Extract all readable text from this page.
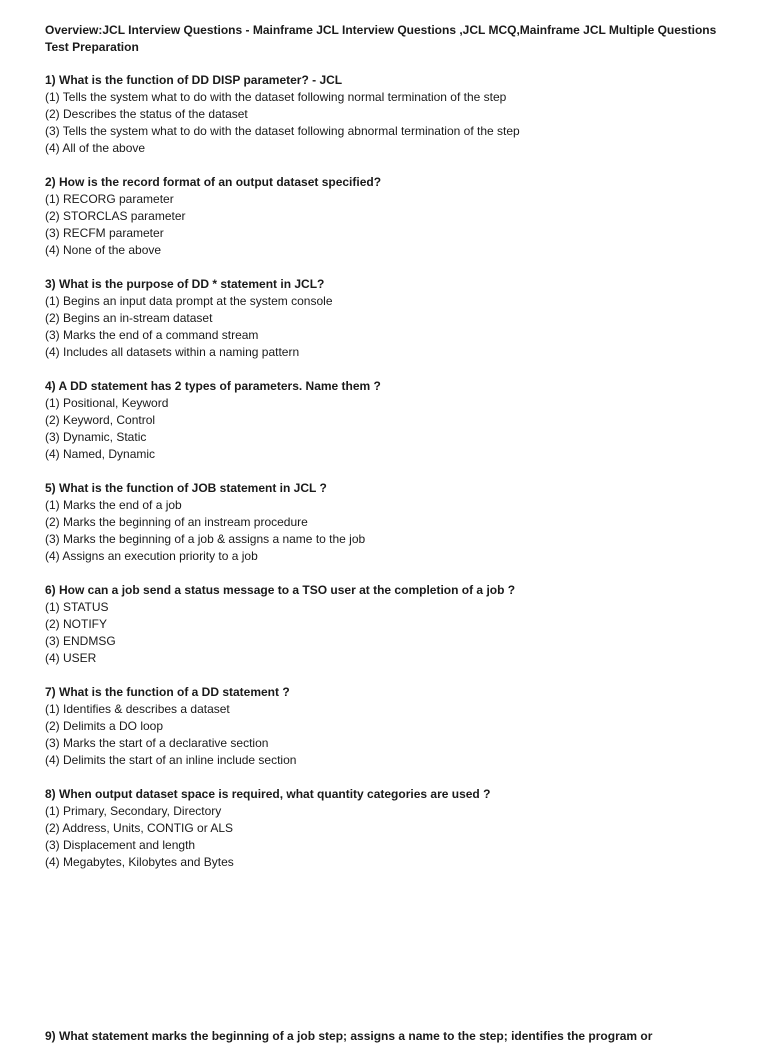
Overview:JCL Interview Questions - Mainframe JCL Interview Questions ,JCL MCQ,Mainframe JCL Multiple Questions Test Preparation

1) What is the function of DD DISP parameter? - JCL

(1) Tells the system what to do with the dataset following normal termination of the step

(2) Describes the status of the dataset

(3) Tells the system what to do with the dataset following abnormal termination of the step

(4) All of the above

2) How is the record format of an output dataset specified?

(1) RECORG parameter

(2) STORCLAS parameter

(3) RECFM parameter

(4) None of the above

3) What is the purpose of DD * statement in JCL?

(1) Begins an input data prompt at the system console

(2) Begins an in-stream dataset

(3) Marks the end of a command stream

(4) Includes all datasets within a naming pattern

4) A DD statement has 2 types of parameters. Name them ?

(1) Positional, Keyword

(2) Keyword, Control

(3) Dynamic, Static

(4) Named, Dynamic

5) What is the function of JOB statement in JCL ?

(1) Marks the end of a job

(2) Marks the beginning of an instream procedure

(3) Marks the beginning of a job & assigns a name to the job

(4) Assigns an execution priority to a job

6) How can a job send a status message to a TSO user at the completion of a job ?

(1) STATUS

(2) NOTIFY

(3) ENDMSG

(4) USER

7) What is the function of a DD statement ?

(1) Identifies & describes a dataset

(2) Delimits a DO loop

(3) Marks the start of a declarative section

(4) Delimits the start of an inline include section

8) When output dataset space is required, what quantity categories are used ?

(1) Primary, Secondary, Directory

(2) Address, Units, CONTIG or ALS

(3) Displacement and length

(4) Megabytes, Kilobytes and Bytes

9) What statement marks the beginning of a job step; assigns a name to the step; identifies the program or
